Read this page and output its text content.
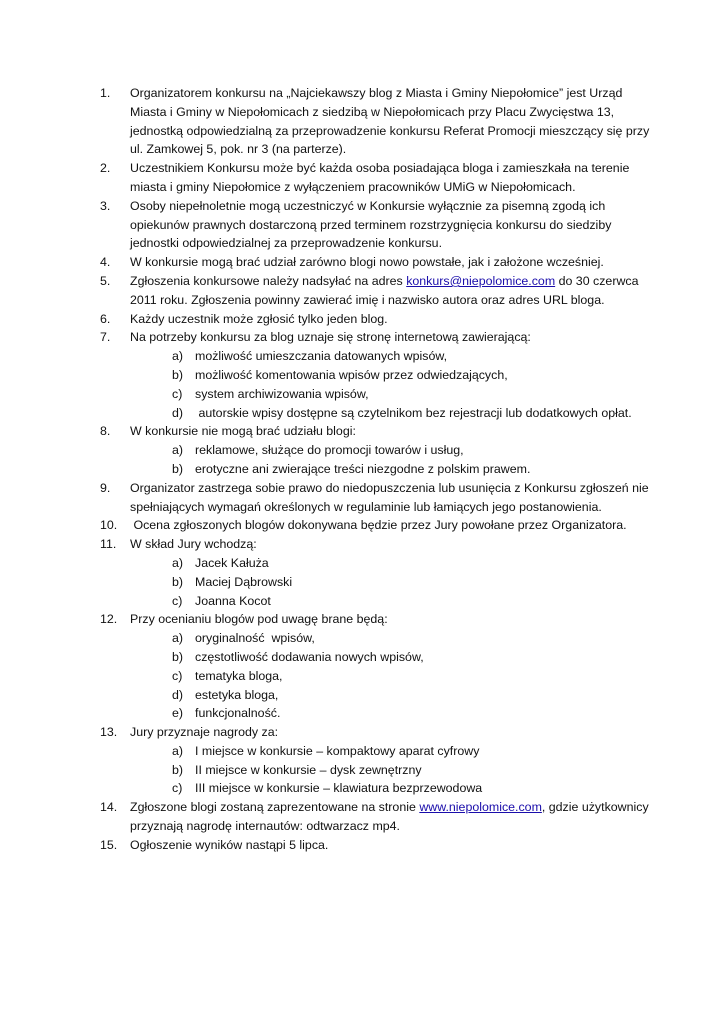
1.	Organizatorem konkursu na „Najciekawszy blog z Miasta i Gminy Niepołomice” jest Urząd Miasta i Gminy w Niepołomicach z siedzibą w Niepołomicach przy Placu Zwycięstwa 13, jednostką odpowiedzialną za przeprowadzenie konkursu Referat Promocji mieszczący się przy ul. Zamkowej 5, pok. nr 3 (na parterze).
2.	Uczestnikiem Konkursu może być każda osoba posiadająca bloga i zamieszkała na terenie miasta i gminy Niepołomice z wyłączeniem pracowników UMiG w Niepołomicach.
3.	Osoby niepełnoletnie mogą uczestniczyć w Konkursie wyłącznie za pisemną zgodą ich opiekunów prawnych dostarczoną przed terminem rozstrzygnięcia konkursu do siedziby jednostki odpowiedzialnej za przeprowadzenie konkursu.
4.	W konkursie mogą brać udział zarówno blogi nowo powstałe, jak i założone wcześniej.
5.	Zgłoszenia konkursowe należy nadsyłać na adres konkurs@niepolomice.com do 30 czerwca 2011 roku. Zgłoszenia powinny zawierać imię i nazwisko autora oraz adres URL bloga.
6.	Każdy uczestnik może zgłosić tylko jeden blog.
7.	Na potrzeby konkursu za blog uznaje się stronę internetową zawierającą:
a) możliwość umieszczania datowanych wpisów,
b) możliwość komentowania wpisów przez odwiedzających,
c)	system archiwizowania wpisów,
d) autorskie wpisy dostępne są czytelnikom bez rejestracji lub dodatkowych opłat.
8.	W konkursie nie mogą brać udziału blogi:
a) reklamowe, służące do promocji towarów i usług,
b) erotyczne ani zwierające treści niezgodne z polskim prawem.
9.	Organizator zastrzega sobie prawo do niedopuszczenia lub usunięcia z Konkursu zgłoszeń nie spełniających wymagań określonych w regulaminie lub łamiących jego postanowienia.
10.	Ocena zgłoszonych blogów dokonywana będzie przez Jury powołane przez Organizatora.
11.	W skład Jury wchodzą:
a) Jacek Kałuża
b) Maciej Dąbrowski
c)	Joanna Kocot
12.	Przy ocenianiu blogów pod uwagę brane będą:
a) oryginalność  wpisów,
b) częstotliwość dodawania nowych wpisów,
c)	tematyka bloga,
d) estetyka bloga,
e) funkcjonalność.
13.	Jury przyznaje nagrody za:
a) I miejsce w konkursie – kompaktowy aparat cyfrowy
b) II miejsce w konkursie – dysk zewnętrzny
c)	III miejsce w konkursie – klawiatura bezprzewodowa
14.	Zgłoszone blogi zostaną zaprezentowane na stronie www.niepolomice.com, gdzie użytkownicy przyznają nagrodę internautów: odtwarzacz mp4.
15.	Ogłoszenie wyników nastąpi 5 lipca.
